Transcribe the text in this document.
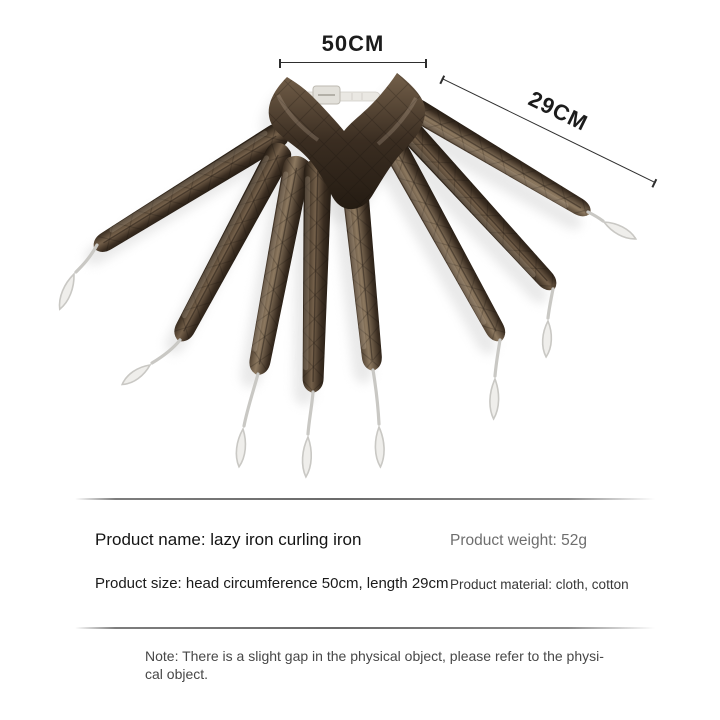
50CM
29CM
Product name: lazy iron curling iron	Product weight: 52g
Product size: head circumference 50cm, length 29cm Product material: cloth, cotton
Note: There is a slight gap in the physical object, please refer to the physi-
cal object.
